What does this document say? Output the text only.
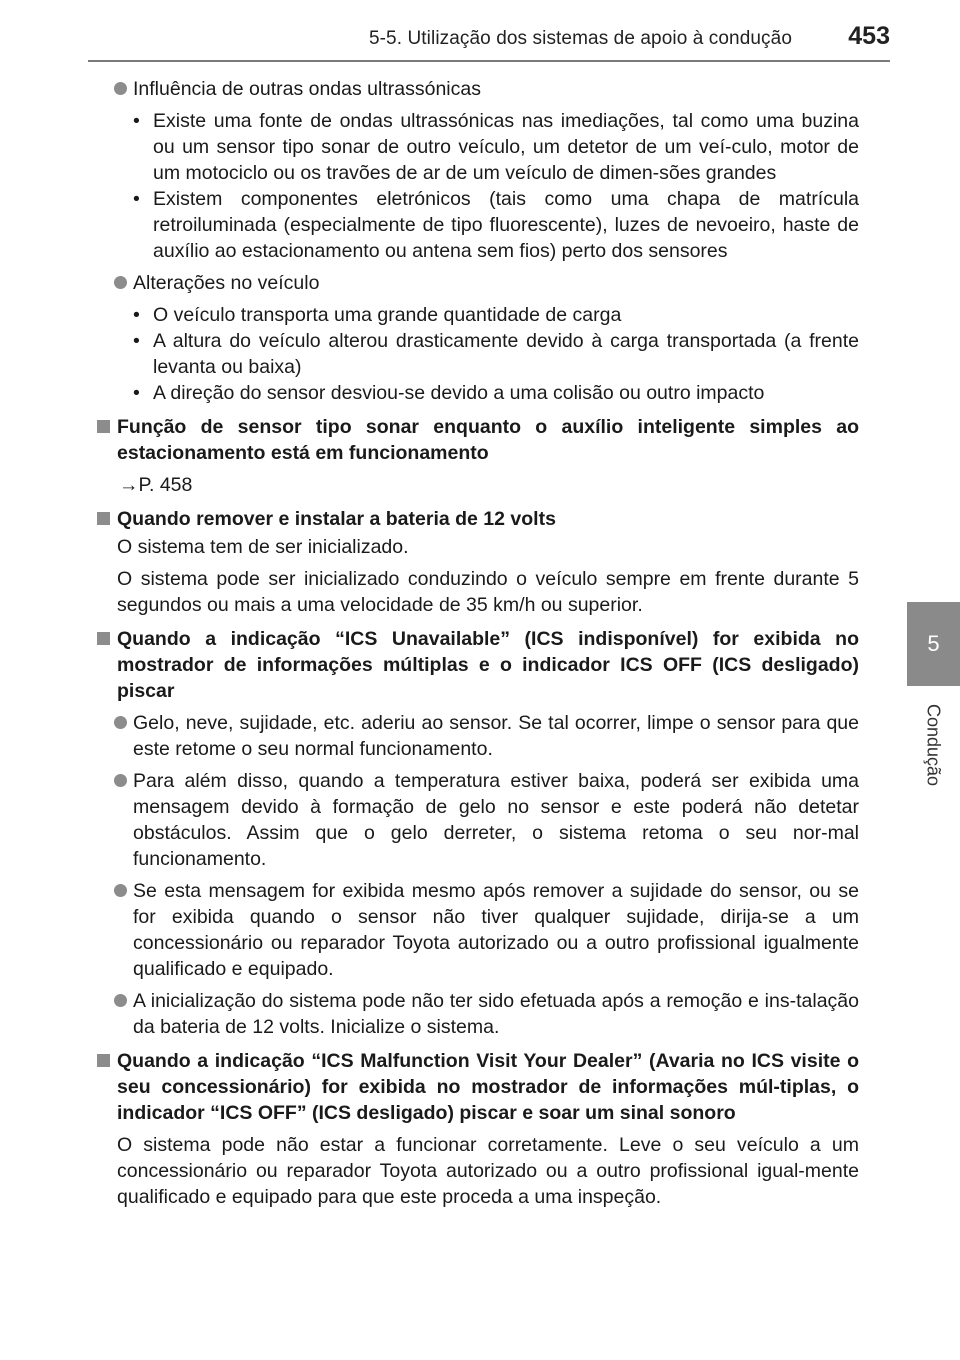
5-5. Utilização dos sistemas de apoio à condução 453
5
Condução

Influência de outras ondas ultrassónicas

• Existe uma fonte de ondas ultrassónicas nas imediações, tal como uma buzina ou um sensor tipo sonar de outro veículo, um detetor de um veí-culo, motor de um motociclo ou os travões de ar de um veículo de dimen-sões grandes

• Existem componentes eletrónicos (tais como uma chapa de matrícula retroiluminada (especialmente de tipo fluorescente), luzes de nevoeiro, haste de auxílio ao estacionamento ou antena sem fios) perto dos sensores

Alterações no veículo

• O veículo transporta uma grande quantidade de carga

• A altura do veículo alterou drasticamente devido à carga transportada (a frente levanta ou baixa)

• A direção do sensor desviou-se devido a uma colisão ou outro impacto

Função de sensor tipo sonar enquanto o auxílio inteligente simples ao estacionamento está em funcionamento

→P. 458

Quando remover e instalar a bateria de 12 volts

O sistema tem de ser inicializado.

O sistema pode ser inicializado conduzindo o veículo sempre em frente durante 5 segundos ou mais a uma velocidade de 35 km/h ou superior.

Quando a indicação “ICS Unavailable” (ICS indisponível) for exibida no mostrador de informações múltiplas e o indicador ICS OFF (ICS desligado) piscar

Gelo, neve, sujidade, etc. aderiu ao sensor. Se tal ocorrer, limpe o sensor para que este retome o seu normal funcionamento.

Para além disso, quando a temperatura estiver baixa, poderá ser exibida uma mensagem devido à formação de gelo no sensor e este poderá não detetar obstáculos. Assim que o gelo derreter, o sistema retoma o seu nor-mal funcionamento.

Se esta mensagem for exibida mesmo após remover a sujidade do sensor, ou se for exibida quando o sensor não tiver qualquer sujidade, dirija-se a um concessionário ou reparador Toyota autorizado ou a outro profissional igualmente qualificado e equipado.

A inicialização do sistema pode não ter sido efetuada após a remoção e ins-talação da bateria de 12 volts. Inicialize o sistema.

Quando a indicação “ICS Malfunction Visit Your Dealer” (Avaria no ICS visite o seu concessionário) for exibida no mostrador de informações múl-tiplas, o indicador “ICS OFF” (ICS desligado) piscar e soar um sinal sonoro

O sistema pode não estar a funcionar corretamente. Leve o seu veículo a um concessionário ou reparador Toyota autorizado ou a outro profissional igual-mente qualificado e equipado para que este proceda a uma inspeção.
